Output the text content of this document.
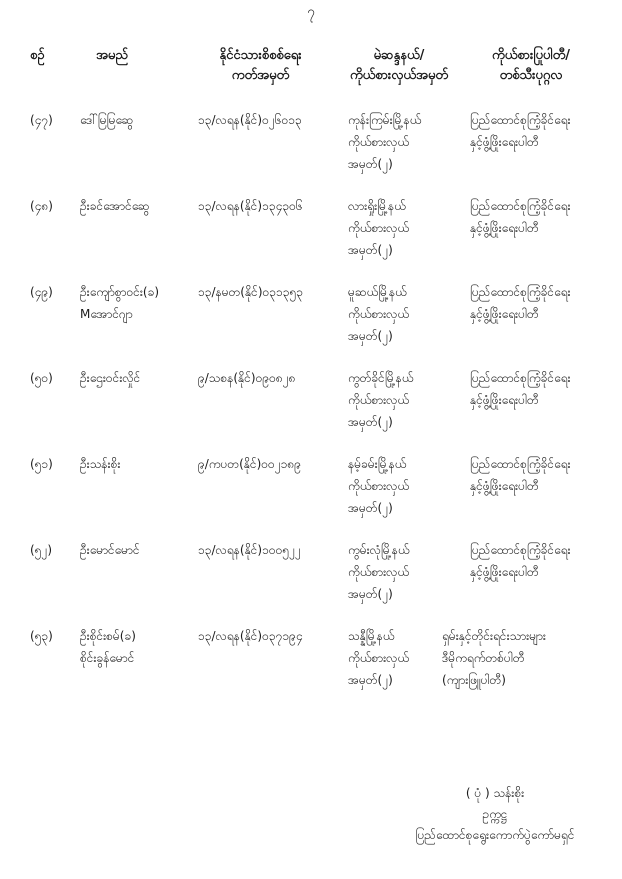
၇
စဉ်	အမည်	နိုင်ငံသားစိစစ်ရေး
ကတ်အမှတ်
မဲဆန္ဒနယ်/
ကိုယ်စားလှယ်အမှတ်
ကိုယ်စားပြုပါတီ/
တစ်သီးပုဂ္ဂလ
(၄၇) ဒေါ်မြမြဆွေ	၁၃/လရန(နိုင်)၀၂၆၀၁၃	ကုန်းကြမ်းမြို့နယ်
ကိုယ်စားလှယ်
အမှတ်(၂)
ပြည်ထောင်စုကြံ့ခိုင်ရေး
နှင့်ဖွံ့ဖြိုးရေးပါတီ
(၄၈) ဦးခင်အောင်ဆွေ	၁၃/လရန(နိုင်)၁၃၄၃၀၆	လားရှိုးမြို့နယ်
ကိုယ်စားလှယ်
အမှတ်(၂)
ပြည်ထောင်စုကြံ့ခိုင်ရေး
နှင့်ဖွံ့ဖြိုးရေးပါတီ
(၄၉) ဦးကျော်စွာဝင်း(ခ)
Mအောင်ဂျာ
၁၃/နမတ(နိုင်)၀၃၁၃၅၃	မူဆယ်မြို့နယ်
ကိုယ်စားလှယ်
အမှတ်(၂)
ပြည်ထောင်စုကြံ့ခိုင်ရေး
နှင့်ဖွံ့ဖြိုးရေးပါတီ
(၅၀) ဦးဌေးဝင်းလှိုင်	၉/သစန(နိုင်)၀၉၀၈၂၈	ကွတ်ခိုင်မြို့နယ်
ကိုယ်စားလှယ်
အမှတ်(၂)
ပြည်ထောင်စုကြံ့ခိုင်ရေး
နှင့်ဖွံ့ဖြိုးရေးပါတီ
(၅၁) ဦးသန်းစိုး	၉/ကပတ(နိုင်)၀၀၂၁၈၉	နမ့်ခမ်းမြို့နယ်
ကိုယ်စားလှယ်
အမှတ်(၂)
ပြည်ထောင်စုကြံ့ခိုင်ရေး
နှင့်ဖွံ့ဖြိုးရေးပါတီ
(၅၂) ဦးမောင်မောင်	၁၃/လရန(နိုင်)၁၀၀၅၂၂	ကွမ်းလုံမြို့နယ်
ကိုယ်စားလှယ်
အမှတ်(၂)
ပြည်ထောင်စုကြံ့ခိုင်ရေး
နှင့်ဖွံ့ဖြိုးရေးပါတီ
(၅၃) ဦးစိုင်းစမ်(ခ)
စိုင်းခွန်မောင်
၁၃/လရန(နိုင်)၀၃၇၁၉၄	သန္နီမြို့နယ်
ကိုယ်စားလှယ်
အမှတ်(၂)
ရှမ်းနှင့်တိုင်းရင်းသားများ
ဒီမိုကရက်တစ်ပါတီ
(ကျားဖြူပါတီ)
( ပုံ ) သန်းစိုး
ဥက္ကဋ္ဌ
ပြည်ထောင်စုရွေးကောက်ပွဲကော်မရှင်
